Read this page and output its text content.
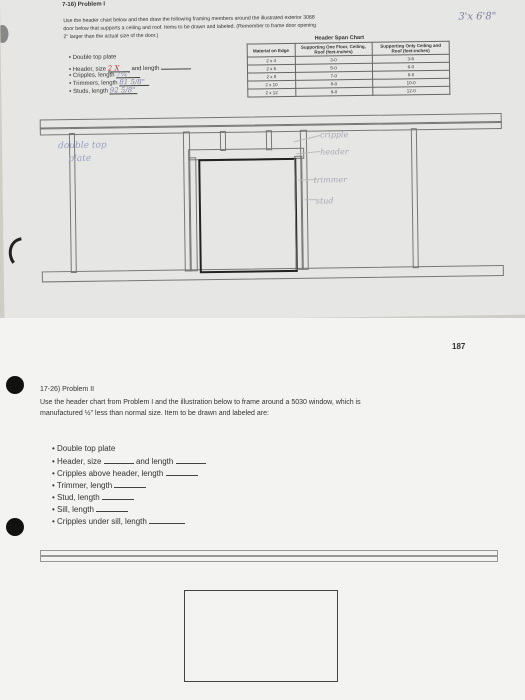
7-16) Problem I
Use the header chart below and then draw the following framing members around the illustrated exterior 3068
door below that supports a ceiling and roof. Items to be drawn and labeled. (Remember to frame door opening
2" larger than the actual size of the door.)
3'x 6'8"
Header Span Chart
Material on Edge	Supporting One Floor, Ceiling, Roof (feet-inches)	Supporting Only Ceiling and Roof (feet-inches)
2 x 4	3-0	3-6
2 x 6	5-0	6-0
2 x 8	7-0	8-0
2 x 10	8-0	10-0
2 x 12	9-0	12-0
• Double top plate
• Header, size 2 X and length
• Cripples, length 7¼"
• Trimmers, length 81 5/8"
• Studs, length 92 5/8"
double top
plate
cripple
header
trimmer
stud
187
17-26) Problem II
Use the header chart from Problem I and the illustration below to frame around a 5030 window, which is
manufactured ½" less than normal size. Item to be drawn and labeled are:
• Double top plate
• Header, size	and length
• Cripples above header, length
• Trimmer, length
• Stud, length
• Sill, length
• Cripples under sill, length
